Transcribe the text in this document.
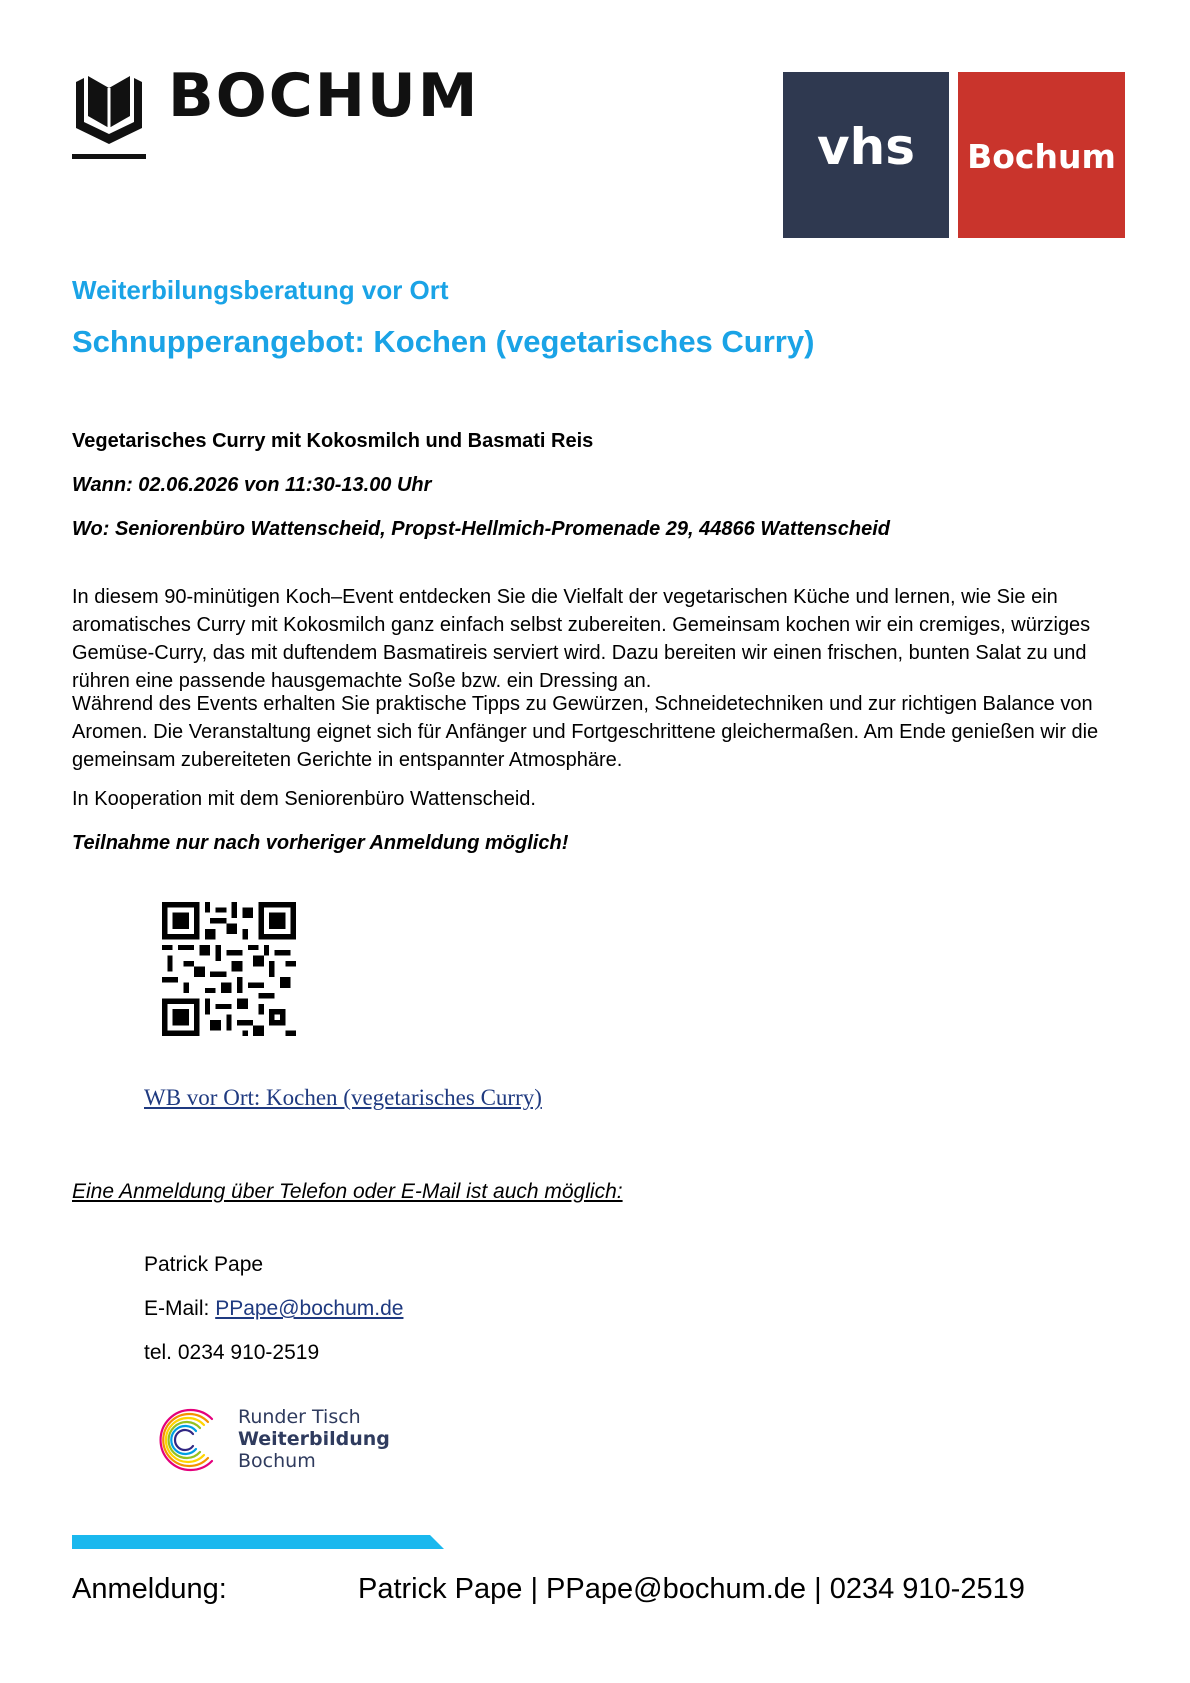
BOCHUM
vhs	Bochum
Weiterbilungsberatung vor Ort
Schnupperangebot: Kochen (vegetarisches Curry)
Vegetarisches Curry mit Kokosmilch und Basmati Reis
Wann: 02.06.2026 von 11:30-13.00 Uhr
Wo: Seniorenbüro Wattenscheid, Propst-Hellmich-Promenade 29, 44866 Wattenscheid
In diesem 90-minütigen Koch–Event entdecken Sie die Vielfalt der vegetarischen Küche und lernen, wie Sie ein aromatisches Curry mit Kokosmilch ganz einfach selbst zubereiten. Gemeinsam kochen wir ein cremiges, würziges Gemüse-Curry, das mit duftendem Basmatireis serviert wird. Dazu bereiten wir einen frischen, bunten Salat zu und rühren eine passende hausgemachte Soße bzw. ein Dressing an.
Während des Events erhalten Sie praktische Tipps zu Gewürzen, Schneidetechniken und zur richtigen Balance von Aromen. Die Veranstaltung eignet sich für Anfänger und Fortgeschrittene gleichermaßen. Am Ende genießen wir die gemeinsam zubereiteten Gerichte in entspannter Atmosphäre.
In Kooperation mit dem Seniorenbüro Wattenscheid.
Teilnahme nur nach vorheriger Anmeldung möglich!
WB vor Ort: Kochen (vegetarisches Curry)
Eine Anmeldung über Telefon oder E-Mail ist auch möglich:
Patrick Pape
E-Mail: PPape@bochum.de
tel. 0234 910-2519
Runder Tisch
Weiterbildung
Bochum
Anmeldung:	Patrick Pape | PPape@bochum.de | 0234 910-2519
